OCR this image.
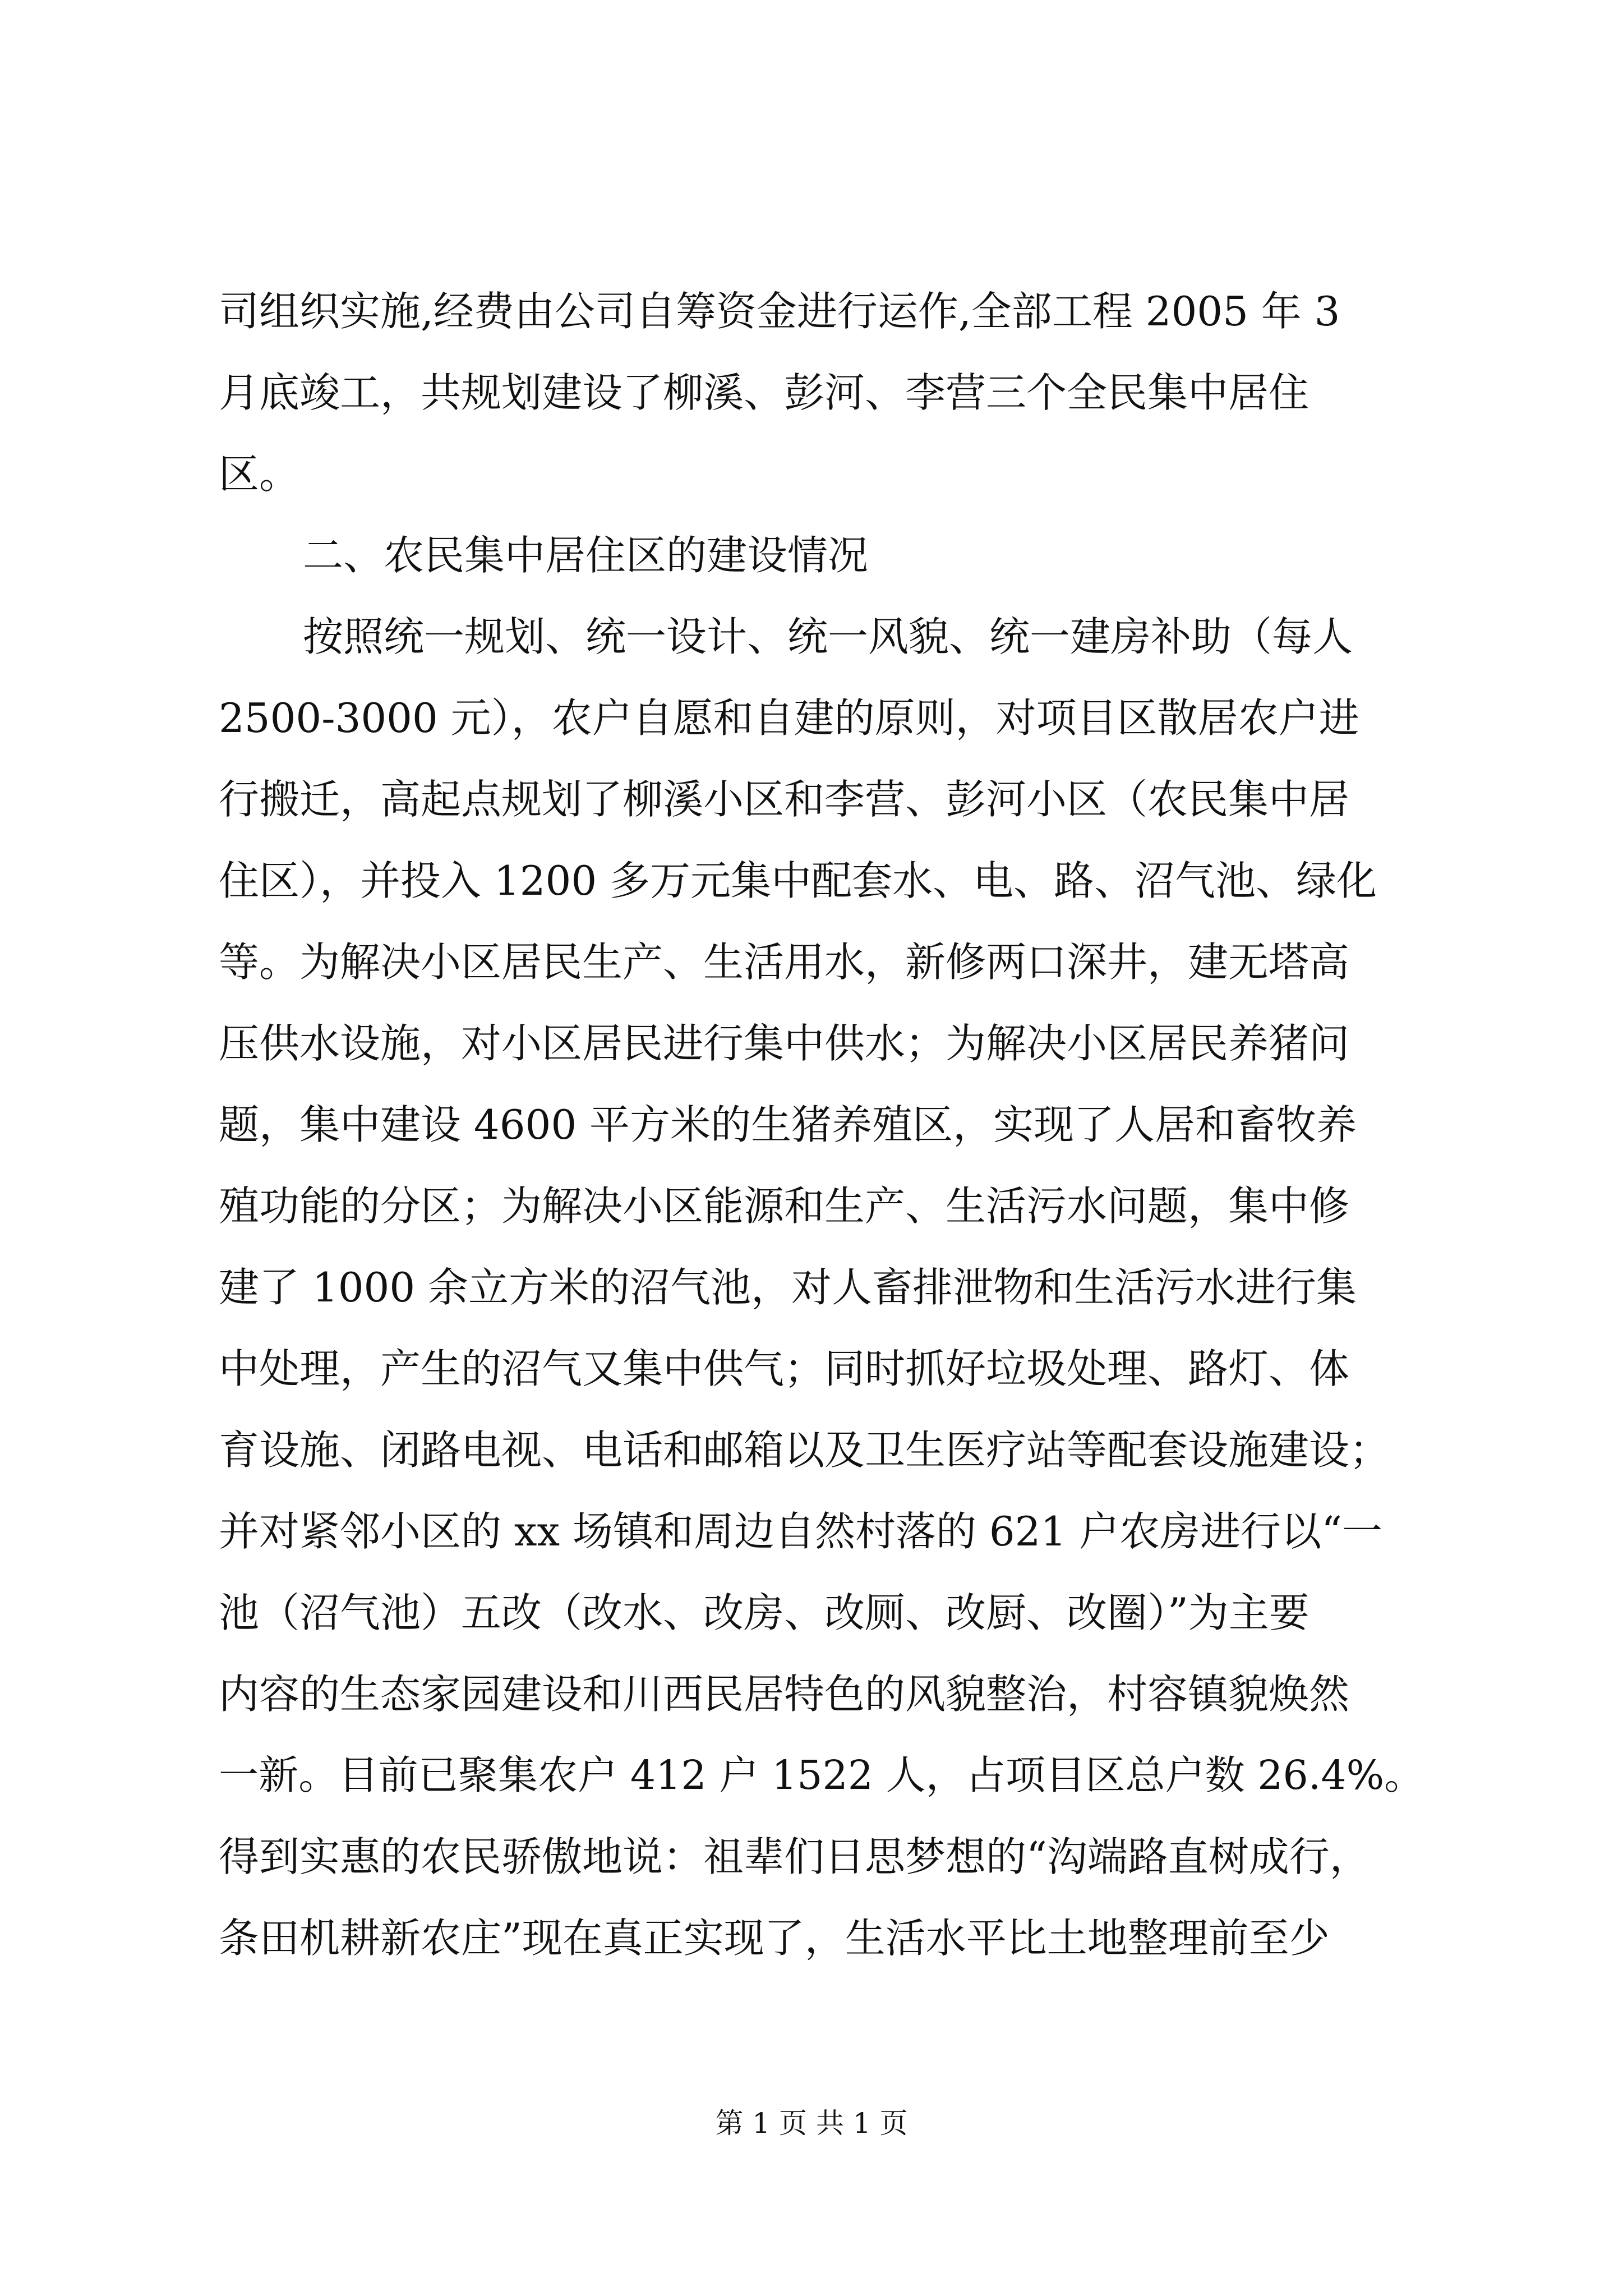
司组织实施,经费由公司自筹资金进行运作,全部工程 2005 年 3
月底竣工，共规划建设了柳溪、彭河、李营三个全民集中居住
区。
二、农民集中居住区的建设情况
按照统一规划、统一设计、统一风貌、统一建房补助（每人
2500-3000 元），农户自愿和自建的原则，对项目区散居农户进
行搬迁，高起点规划了柳溪小区和李营、彭河小区（农民集中居
住区），并投入 1200 多万元集中配套水、电、路、沼气池、绿化
等。为解决小区居民生产、生活用水，新修两口深井，建无塔高
压供水设施，对小区居民进行集中供水；为解决小区居民养猪问
题，集中建设 4600 平方米的生猪养殖区，实现了人居和畜牧养
殖功能的分区；为解决小区能源和生产、生活污水问题，集中修
建了 1000 余立方米的沼气池，对人畜排泄物和生活污水进行集
中处理，产生的沼气又集中供气；同时抓好垃圾处理、路灯、体
育设施、闭路电视、电话和邮箱以及卫生医疗站等配套设施建设；
并对紧邻小区的 xx 场镇和周边自然村落的 621 户农房进行以“一
池（沼气池）五改（改水、改房、改厕、改厨、改圈）”为主要
内容的生态家园建设和川西民居特色的风貌整治，村容镇貌焕然
一新。目前已聚集农户 412 户 1522 人，占项目区总户数 26.4%。
得到实惠的农民骄傲地说：祖辈们日思梦想的“沟端路直树成行，
条田机耕新农庄”现在真正实现了，生活水平比土地整理前至少
第 1 页 共 1 页
